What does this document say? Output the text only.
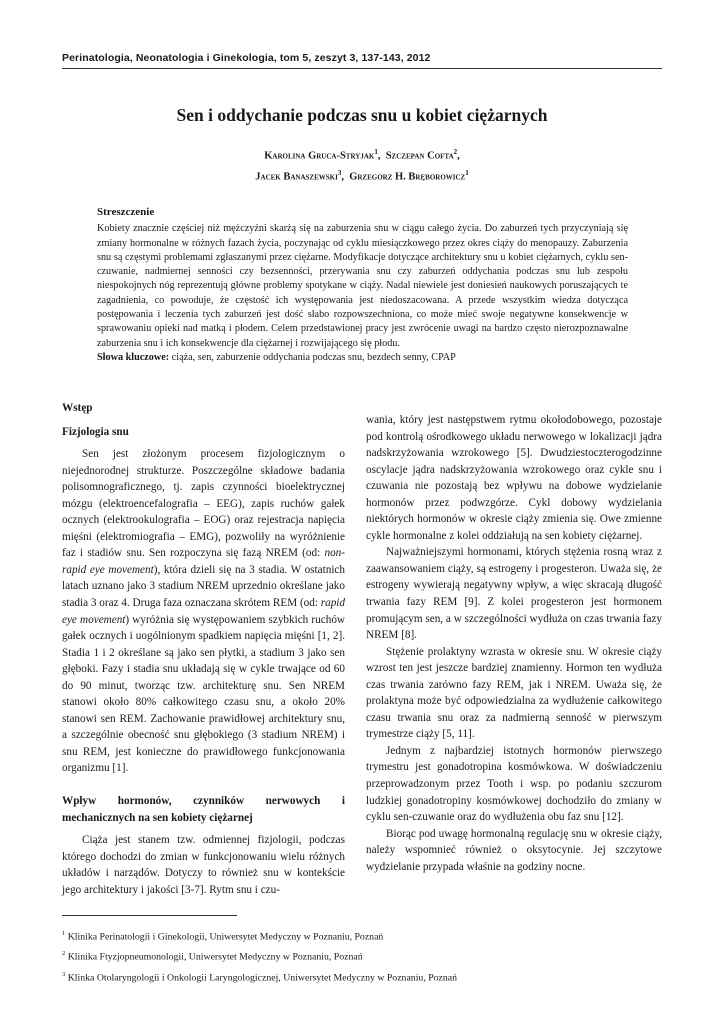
Perinatologia, Neonatologia i Ginekologia, tom 5, zeszyt 3, 137-143, 2012
Sen i oddychanie podczas snu u kobiet ciężarnych
Karolina Gruca-Stryjak$^1$,  Szczepan Cofta$^2$,
Jacek Banaszewski$^3$,  Grzegorz H. Bręborowicz$^1$
Streszczenie

Kobiety znacznie częściej niż mężczyźni skarżą się na zaburzenia snu w ciągu całego życia. Do zaburzeń tych przyczyniają się zmiany hormonalne w różnych fazach życia, poczynając od cyklu miesiączkowego przez okres ciąży do menopauzy. Zaburzenia snu są częstymi problemami zgłaszanymi przez ciężarne. Modyfikacje dotyczące architektury snu u kobiet ciężarnych, cyklu sen-czuwanie, nadmiernej senności czy bezsenności, przerywania snu czy zaburzeń oddychania podczas snu lub zespołu niespokojnych nóg reprezentują główne problemy spotykane w ciąży. Nadal niewiele jest doniesień naukowych poruszających te zagadnienia, co powoduje, że częstość ich występowania jest niedoszacowana. A przede wszystkim wiedza dotycząca postępowania i leczenia tych zaburzeń jest dość słabo rozpowszechniona, co może mieć swoje negatywne konsekwencje w sprawowaniu opieki nad matką i płodem. Celem przedstawionej pracy jest zwrócenie uwagi na bardzo często nierozpoznawalne zaburzenia snu i ich konsekwencje dla ciężarnej i rozwijającego się płodu.

Słowa kluczowe: ciąża, sen, zaburzenie oddychania podczas snu, bezdech senny, CPAP

Wstęp
Fizjologia snu

Sen jest złożonym procesem fizjologicznym o niejednorodnej strukturze. Poszczególne składowe badania polisomnograficznego, tj. zapis czynności bioelektrycznej mózgu (elektroencefalografia – EEG), zapis ruchów gałek ocznych (elektrookulografia – EOG) oraz rejestracja napięcia mięśni (elektromiografia – EMG), pozwoliły na wyróżnienie faz i stadiów snu. Sen rozpoczyna się fazą NREM (od: non-rapid eye movement), która dzieli się na 3 stadia. W ostatnich latach uznano jako 3 stadium NREM uprzednio określane jako stadia 3 oraz 4. Druga faza oznaczana skrótem REM (od: rapid eye movement) wyróżnia się występowaniem szybkich ruchów gałek ocznych i uogólnionym spadkiem napięcia mięśni [1, 2]. Stadia 1 i 2 określane są jako sen płytki, a stadium 3 jako sen głęboki. Fazy i stadia snu układają się w cykle trwające od 60 do 90 minut, tworząc tzw. architekturę snu. Sen NREM stanowi około 80% całkowitego czasu snu, a około 20% stanowi sen REM. Zachowanie prawidłowej architektury snu, a szczególnie obecność snu głębokiego (3 stadium NREM) i snu REM, jest konieczne do prawidłowego funkcjonowania organizmu [1].

Wpływ hormonów, czynników nerwowych i mechanicznych na sen kobiety ciężarnej

Ciąża jest stanem tzw. odmiennej fizjologii, podczas którego dochodzi do zmian w funkcjonowaniu wielu różnych układów i narządów. Dotyczy to również snu w kontekście jego architektury i jakości [3-7]. Rytm snu i czu-

wania, który jest następstwem rytmu okołodobowego, pozostaje pod kontrolą ośrodkowego układu nerwowego w lokalizacji jądra nadskrzyżowania wzrokowego [5]. Dwudziestoczterogodzinne oscylacje jądra nadskrzyżowania wzrokowego oraz cykle snu i czuwania nie pozostają bez wpływu na dobowe wydzielanie hormonów przez podwzgórze. Cykl dobowy wydzielania niektórych hormonów w okresie ciąży zmienia się. Owe zmienne cykle hormonalne z kolei oddziałują na sen kobiety ciężarnej.

Najważniejszymi hormonami, których stężenia rosną wraz z zaawansowaniem ciąży, są estrogeny i progesteron. Uważa się, że estrogeny wywierają negatywny wpływ, a więc skracają długość trwania fazy REM [9]. Z kolei progesteron jest hormonem promującym sen, a w szczególności wydłuża on czas trwania fazy NREM [8].

Stężenie prolaktyny wzrasta w okresie snu. W okresie ciąży wzrost ten jest jeszcze bardziej znamienny. Hormon ten wydłuża czas trwania zarówno fazy REM, jak i NREM. Uważa się, że prolaktyna może być odpowiedzialna za wydłużenie całkowitego czasu trwania snu oraz za nadmierną senność w pierwszym trymestrze ciąży [5, 11].

Jednym z najbardziej istotnych hormonów pierwszego trymestru jest gonadotropina kosmówkowa. W doświadczeniu przeprowadzonym przez Tooth i wsp. po podaniu szczurom ludzkiej gonadotropiny kosmówkowej dochodziło do zmiany w cyklu sen-czuwanie oraz do wydłużenia obu faz snu [12].

Biorąc pod uwagę hormonalną regulację snu w okresie ciąży, należy wspomnieć również o oksytocynie. Jej szczytowe wydzielanie przypada właśnie na godziny nocne.

$^1$ Klinika Perinatologii i Ginekologii, Uniwersytet Medyczny w Poznaniu, Poznań
$^2$ Klinika Ftyzjopneumonologii, Uniwersytet Medyczny w Poznaniu, Poznań
$^3$ Klinka Otolaryngologii i Onkologii Laryngologicznej, Uniwersytet Medyczny w Poznaniu, Poznań
